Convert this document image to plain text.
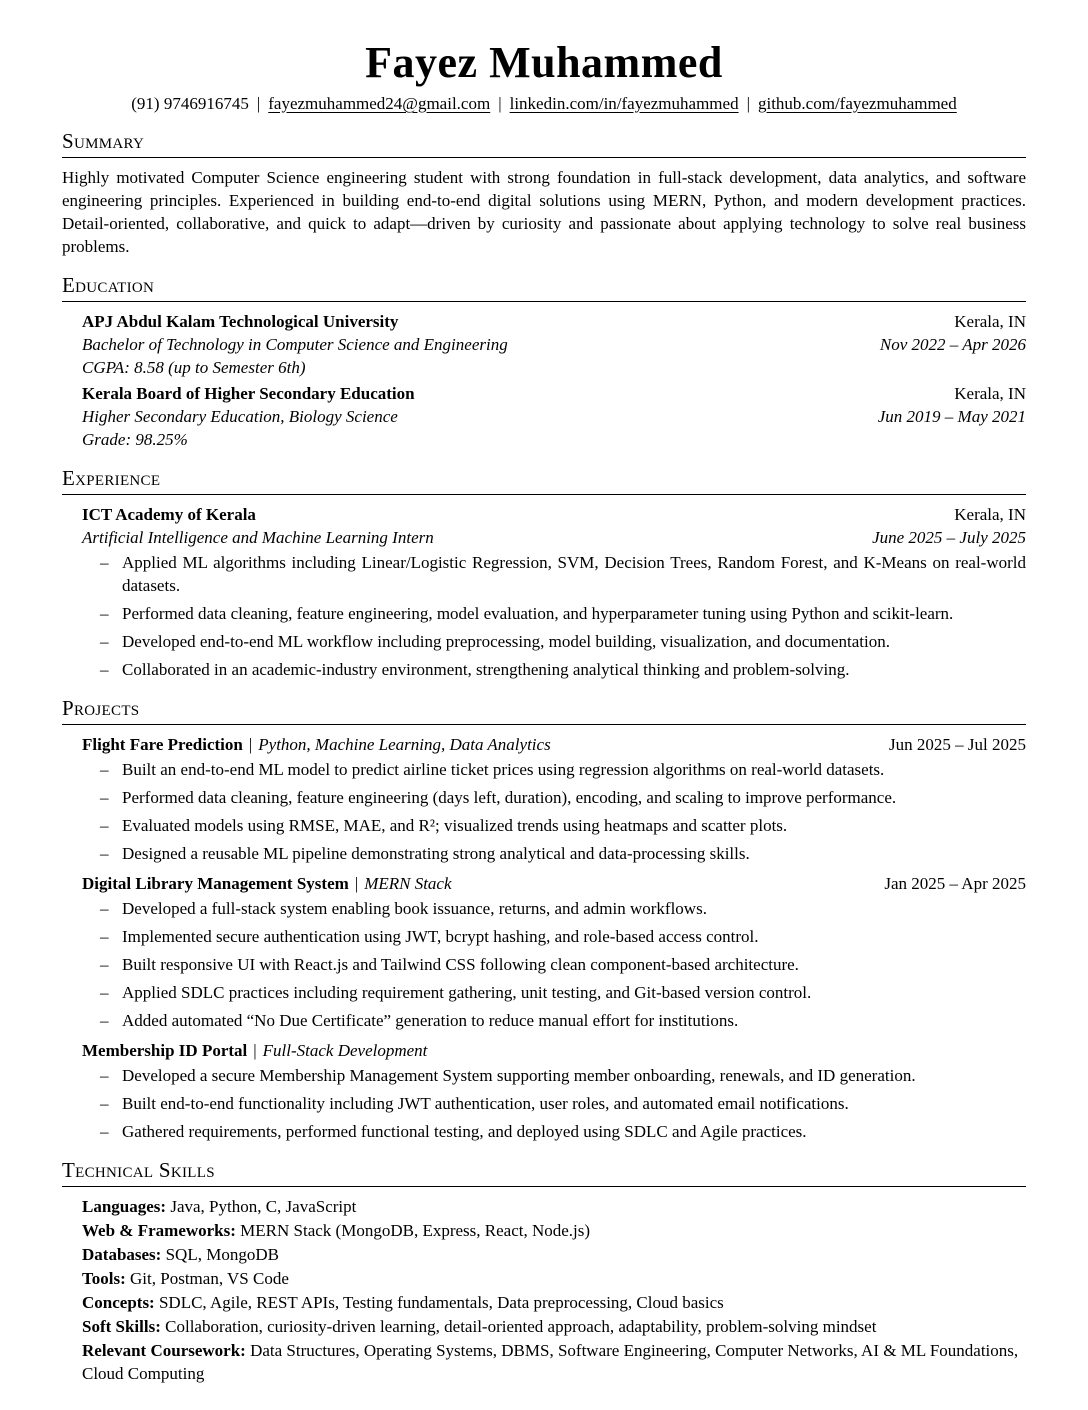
Fayez Muhammed
(91) 9746916745 | fayezmuhammed24@gmail.com | linkedin.com/in/fayezmuhammed | github.com/fayezmuhammed
Summary

Highly motivated Computer Science engineering student with strong foundation in full-stack development, data analytics, and software engineering principles. Experienced in building end-to-end digital solutions using MERN, Python, and modern development practices. Detail-oriented, collaborative, and quick to adapt—driven by curiosity and passionate about applying technology to solve real business problems.

Education
APJ Abdul Kalam Technological University	Kerala, IN
Bachelor of Technology in Computer Science and Engineering	Nov 2022 – Apr 2026
CGPA: 8.58 (up to Semester 6th)
Kerala Board of Higher Secondary Education	Kerala, IN
Higher Secondary Education, Biology Science	Jun 2019 – May 2021
Grade: 98.25%
Experience
ICT Academy of Kerala	Kerala, IN
Artificial Intelligence and Machine Learning Intern	June 2025 – July 2025
– Applied ML algorithms including Linear/Logistic Regression, SVM, Decision Trees, Random Forest, and K-Means on real-world datasets.
– Performed data cleaning, feature engineering, model evaluation, and hyperparameter tuning using Python and scikit-learn.
– Developed end-to-end ML workflow including preprocessing, model building, visualization, and documentation.
– Collaborated in an academic-industry environment, strengthening analytical thinking and problem-solving.
Projects
Flight Fare Prediction | Python, Machine Learning, Data Analytics	Jun 2025 – Jul 2025
– Built an end-to-end ML model to predict airline ticket prices using regression algorithms on real-world datasets.
– Performed data cleaning, feature engineering (days left, duration), encoding, and scaling to improve performance.
– Evaluated models using RMSE, MAE, and R²; visualized trends using heatmaps and scatter plots.
– Designed a reusable ML pipeline demonstrating strong analytical and data-processing skills.
Digital Library Management System | MERN Stack	Jan 2025 – Apr 2025
– Developed a full-stack system enabling book issuance, returns, and admin workflows.
– Implemented secure authentication using JWT, bcrypt hashing, and role-based access control.
– Built responsive UI with React.js and Tailwind CSS following clean component-based architecture.
– Applied SDLC practices including requirement gathering, unit testing, and Git-based version control.
– Added automated “No Due Certificate” generation to reduce manual effort for institutions.
Membership ID Portal | Full-Stack Development
– Developed a secure Membership Management System supporting member onboarding, renewals, and ID generation.
– Built end-to-end functionality including JWT authentication, user roles, and automated email notifications.
– Gathered requirements, performed functional testing, and deployed using SDLC and Agile practices.
Technical Skills

Languages: Java, Python, C, JavaScript

Web & Frameworks: MERN Stack (MongoDB, Express, React, Node.js)

Databases: SQL, MongoDB

Tools: Git, Postman, VS Code

Concepts: SDLC, Agile, REST APIs, Testing fundamentals, Data preprocessing, Cloud basics

Soft Skills: Collaboration, curiosity-driven learning, detail-oriented approach, adaptability, problem-solving mindset

Relevant Coursework: Data Structures, Operating Systems, DBMS, Software Engineering, Computer Networks, AI & ML Foundations, Cloud Computing
